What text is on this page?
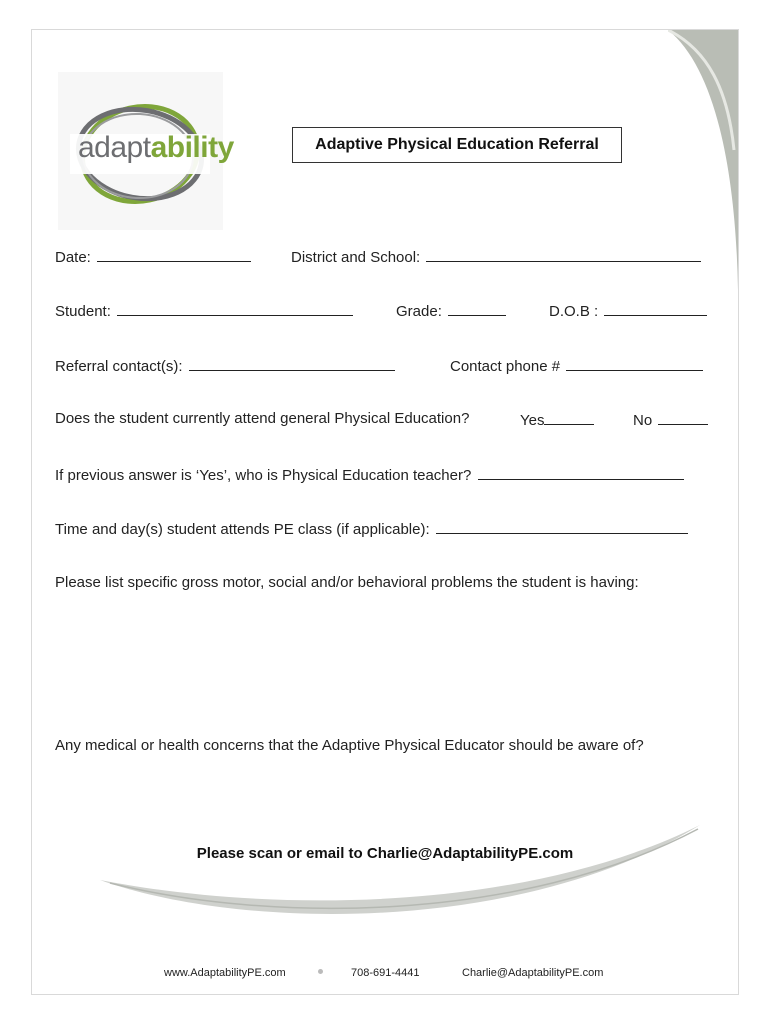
adaptability	Adaptive Physical Education Referral
Date:	District and School:
Student:	Grade:	D.O.B :
Referral contact(s):	Contact phone #
Does the student currently attend general Physical Education?	Yes	No
If previous answer is ‘Yes’, who is Physical Education teacher?
Time and day(s) student attends PE class (if applicable):
Please list specific gross motor, social and/or behavioral problems the student is having:
Any medical or health concerns that the Adaptive Physical Educator should be aware of?
Please scan or email to Charlie@AdaptabilityPE.com
www.AdaptabilityPE.com	708-691-4441	Charlie@AdaptabilityPE.com
